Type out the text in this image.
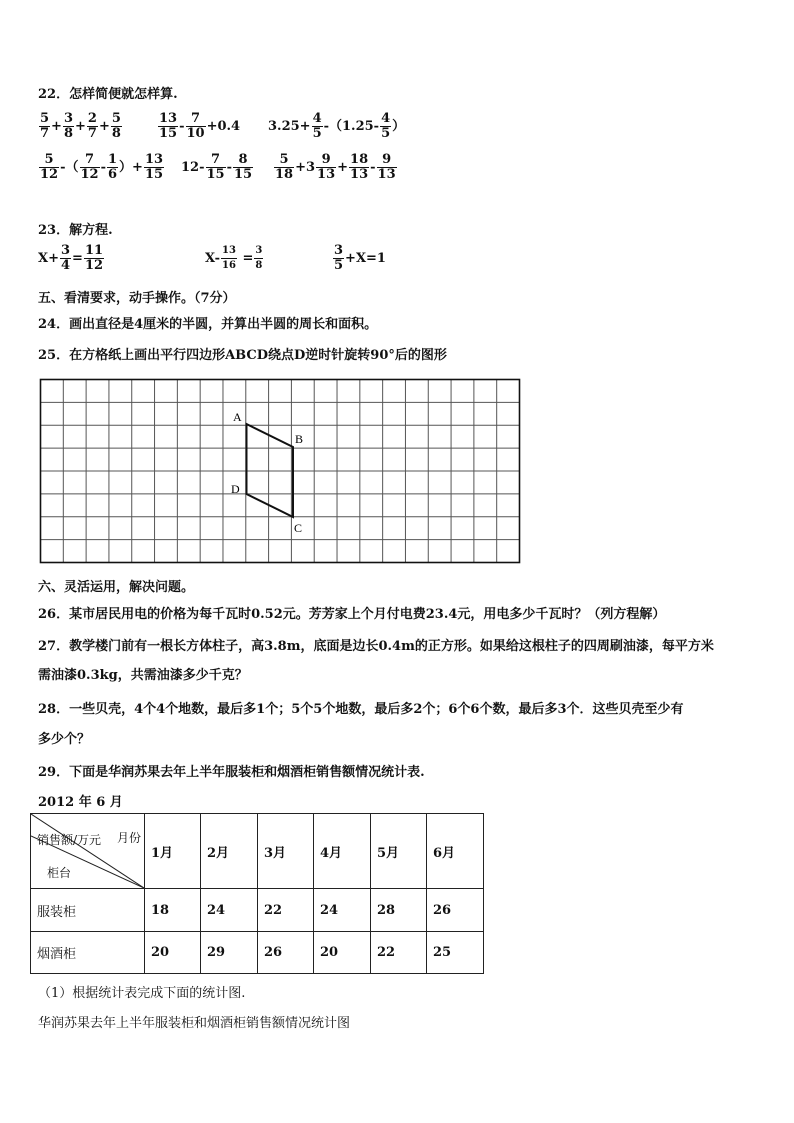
22．怎样简便就怎样算.
$\frac{5}{7} + \frac{3}{8} + \frac{2}{7} + \frac{5}{8}$	$\frac{13}{15} - \frac{7}{10} +0.4$ $3.25+ \frac{4}{5} -(1.25- \frac{4}{5}$ ）
$\frac{5}{12}$ -（ $\frac{7}{12} - \frac{1}{6}$ ）+ $\frac{13}{15} 12- \frac{7}{15} - \frac{8}{15} \frac{5}{18} +3 \frac{9}{13} + \frac{18}{13} - \frac{9}{13}$
23．解方程.
$X+ \frac{3}{4} = \frac{11}{12}$	$X- \frac{13}{16} = \frac{3}{8}$	$\frac{3}{5} +X=1$
五、看清要求，动手操作。（7分）
24．画出直径是4厘米的半圆，并算出半圆的周长和面积。
25．在方格纸上画出平行四边形ABCD绕点D逆时针旋转90°后的图形
A
B
C
D
六、灵活运用，解决问题。
26．某市居民用电的价格为每千瓦时0.52元。芳芳家上个月付电费23.4元，用电多少千瓦时？（列方程解）
27．教学楼门前有一根长方体柱子，高3.8m，底面是边长0.4m的正方形。如果给这根柱子的四周刷油漆，每平方米
需油漆0.3kg，共需油漆多少千克？
28．一些贝壳，4个4个地数，最后多1个；5个5个地数，最后多2个；6个6个数，最后多3个．这些贝壳至少有
多少个？
29．下面是华润苏果去年上半年服装柜和烟酒柜销售额情况统计表.
2012 年 6 月
销售额/万元 月份
柜台	1月	2月	3月	4月	5月	6月
服装柜	18	24	22	24	28	26
烟酒柜	20	29	26	20	22	25
（1）根据统计表完成下面的统计图.
华润苏果去年上半年服装柜和烟酒柜销售额情况统计图
